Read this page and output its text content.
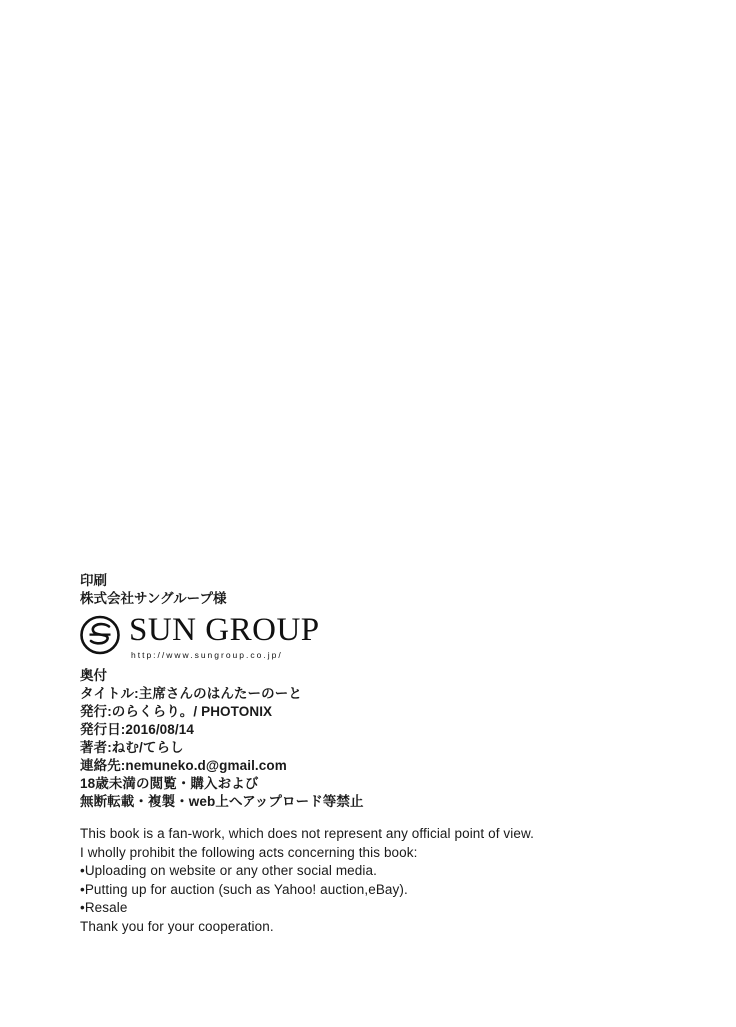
印刷
株式会社サングループ様
SUN GROUP
http://www.sungroup.co.jp/
奥付
タイトル:主席さんのはんたーのーと
発行:のらくらり。/ PHOTONIX
発行日:2016/08/14
著者:ねむ/てらし
連絡先:nemuneko.d@gmail.com
18歳未満の閲覧・購入および
無断転載・複製・web上へアップロード等禁止
This book is a fan-work, which does not represent any official point of view.
I wholly prohibit the following acts concerning this book:
•Uploading on website or any other social media.
•Putting up for auction (such as Yahoo! auction,eBay).
•Resale
Thank you for your cooperation.
